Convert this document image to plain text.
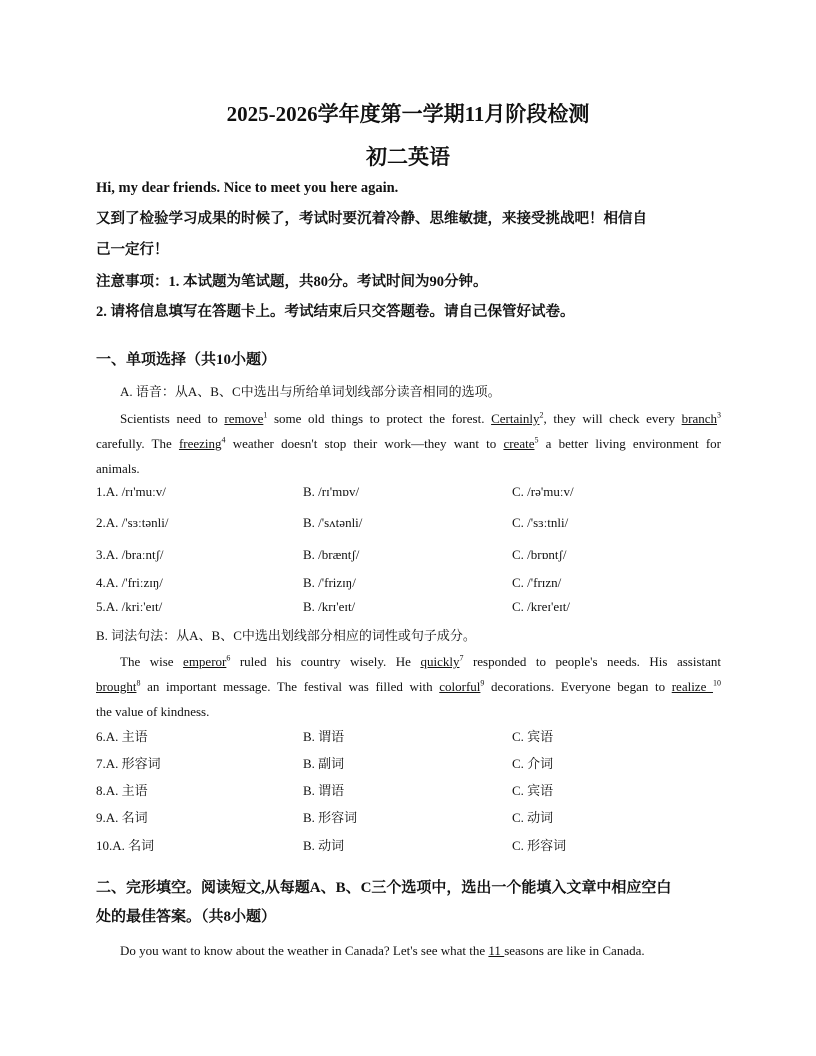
2025-2026学年度第一学期11月阶段检测
初二英语
Hi, my dear friends. Nice to meet you here again.
又到了检验学习成果的时候了，考试时要沉着冷静、思维敏捷，来接受挑战吧！相信自
己一定行！
注意事项：1. 本试题为笔试题，共80分。考试时间为90分钟。
2. 请将信息填写在答题卡上。考试结束后只交答题卷。请自己保管好试卷。
一、单项选择（共10小题）
A. 语音：从A、B、C中选出与所给单词划线部分读音相同的选项。
Scientists need to remove$^1$ some old things to protect the forest. Certainly$^2$, they will check every branch$^3$
carefully. The freezing$^4$ weather doesn't stop their work—they want to create$^5$ a better living environment for
animals.
1.A. /rɪ'muːv/	B. /rɪ'mɒv/	C. /rə'muːv/
2.A. /'sɜːtənli/	B. /'sʌtənli/	C. /'sɜːtnli/
3.A. /braːntʃ/	B. /bræntʃ/	C. /brɒntʃ/
4.A. /'friːzɪŋ/	B. /'frizɪŋ/	C. /'frɪzn/
5.A. /kriː'eɪt/	B. /krɪ'eɪt/	C. /kreɪ'eɪt/
B. 词法句法：从A、B、C中选出划线部分相应的词性或句子成分。
The wise emperor$^6$ ruled his country wisely. He quickly$^7$ responded to people's needs. His assistant
brought$^8$ an important message. The festival was filled with colorful$^9$ decorations. Everyone began to realize $^{10}$
the value of kindness.
6.A. 主语	B. 谓语	C. 宾语
7.A. 形容词	B. 副词	C. 介词
8.A. 主语	B. 谓语	C. 宾语
9.A. 名词	B. 形容词	C. 动词
10.A. 名词	B. 动词	C. 形容词
二、完形填空。阅读短文,从每题A、B、C三个选项中，选出一个能填入文章中相应空白
处的最佳答案。（共8小题）
Do you want to know about the weather in Canada? Let's see what the 11 seasons are like in Canada.
